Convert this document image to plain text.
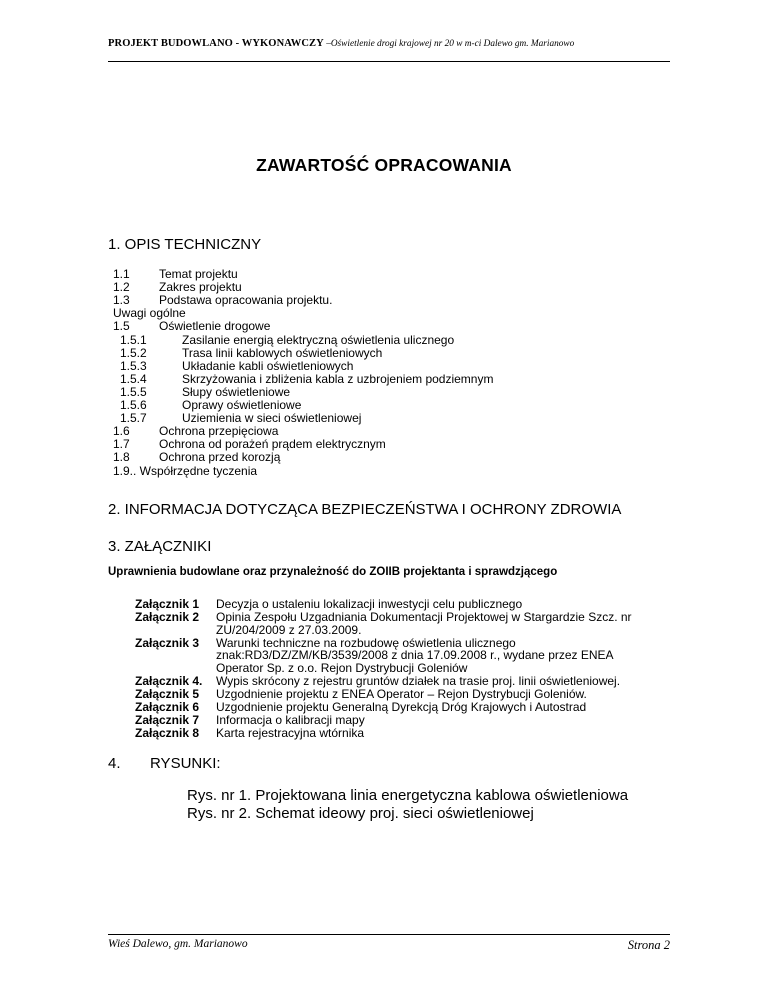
PROJEKT BUDOWLANO - WYKONAWCZY –Oświetlenie drogi krajowej nr 20 w m-ci Dalewo gm. Marianowo
ZAWARTOŚĆ OPRACOWANIA
1. OPIS TECHNICZNY
1.1 Temat projektu
1.2 Zakres projektu
1.3 Podstawa opracowania projektu.
Uwagi ogólne
1.5 Oświetlenie drogowe
1.5.1	Zasilanie energią elektryczną oświetlenia ulicznego
1.5.2	Trasa linii kablowych oświetleniowych
1.5.3	Układanie kabli oświetleniowych
1.5.4	Skrzyżowania i zbliżenia kabla z uzbrojeniem podziemnym
1.5.5	Słupy oświetleniowe
1.5.6	Oprawy oświetleniowe
1.5.7	Uziemienia w sieci oświetleniowej
1.6 Ochrona przepięciowa
1.7 Ochrona od porażeń prądem elektrycznym
1.8 Ochrona przed korozją
1.9.. Współrzędne tyczenia
2. INFORMACJA DOTYCZĄCA BEZPIECZEŃSTWA I OCHRONY ZDROWIA
3. ZAŁĄCZNIKI
Uprawnienia budowlane oraz przynależność do ZOIIB projektanta i sprawdzjącego
Załącznik 1 Decyzja o ustaleniu lokalizacji inwestycji celu publicznego
Załącznik 2 Opinia Zespołu Uzgadniania Dokumentacji Projektowej w Stargardzie Szcz. nr
ZU/204/2009 z 27.03.2009.
Załącznik 3 Warunki techniczne na rozbudowę oświetlenia ulicznego
znak:RD3/DZ/ZM/KB/3539/2008 z dnia 17.09.2008 r., wydane przez ENEA
Operator Sp. z o.o. Rejon Dystrybucji Goleniów
Załącznik 4. Wypis skrócony z rejestru gruntów działek na trasie proj. linii oświetleniowej.
Załącznik 5 Uzgodnienie projektu z ENEA Operator – Rejon Dystrybucji Goleniów.
Załącznik 6 Uzgodnienie projektu Generalną Dyrekcją Dróg Krajowych i Autostrad
Załącznik 7 Informacja o kalibracji mapy
Załącznik 8 Karta rejestracyjna wtórnika
4. RYSUNKI:
Rys. nr 1. Projektowana linia energetyczna kablowa oświetleniowa
Rys. nr 2. Schemat ideowy proj. sieci oświetleniowej
Wieś Dalewo, gm. Marianowo	Strona 2
